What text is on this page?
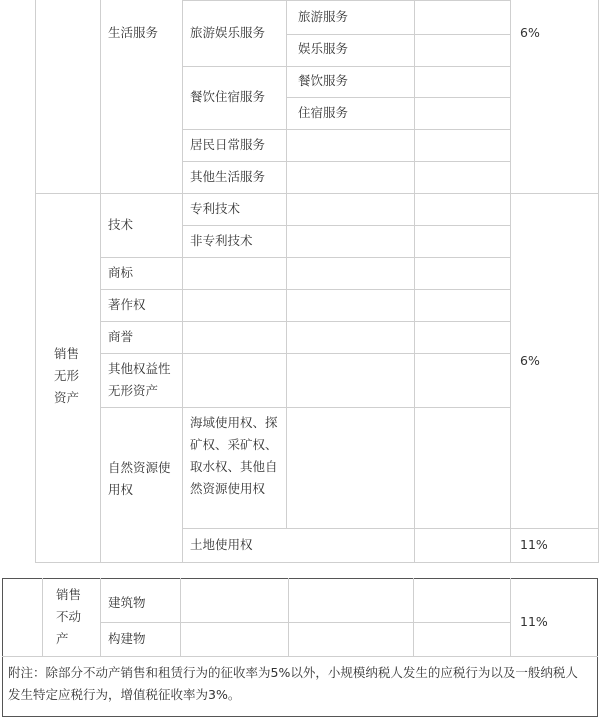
生活服务	旅游娱乐服务
旅游服务
娱乐服务
餐饮住宿服务
餐饮服务
住宿服务
居民日常服务
其他生活服务
6%
销售无形资产
技术
专利技术
非专利技术
商标
著作权
商誉
其他权益性无形资产
自然资源使用权
海域使用权、探矿权、采矿权、取水权、其他自然资源使用权
土地使用权
6%
11%
销售不动产
建筑物
构建物
11%
附注：除部分不动产销售和租赁行为的征收率为5%以外，小规模纳税人发生的应税行为以及一般纳税人发生特定应税行为，增值税征收率为3%。
